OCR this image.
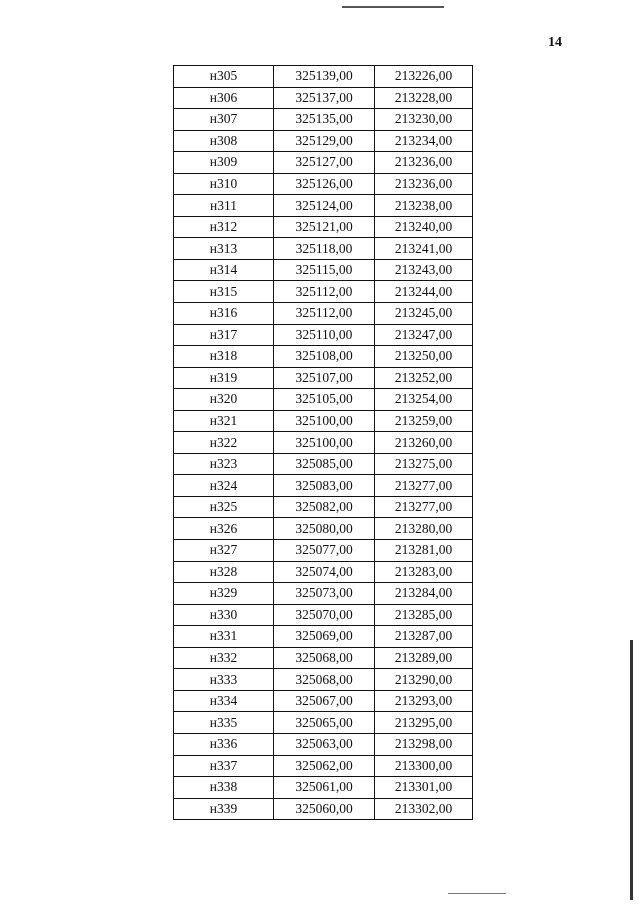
14
н305	325139,00	213226,00
н306	325137,00	213228,00
н307	325135,00	213230,00
н308	325129,00	213234,00
н309	325127,00	213236,00
н310	325126,00	213236,00
н311	325124,00	213238,00
н312	325121,00	213240,00
н313	325118,00	213241,00
н314	325115,00	213243,00
н315	325112,00	213244,00
н316	325112,00	213245,00
н317	325110,00	213247,00
н318	325108,00	213250,00
н319	325107,00	213252,00
н320	325105,00	213254,00
н321	325100,00	213259,00
н322	325100,00	213260,00
н323	325085,00	213275,00
н324	325083,00	213277,00
н325	325082,00	213277,00
н326	325080,00	213280,00
н327	325077,00	213281,00
н328	325074,00	213283,00
н329	325073,00	213284,00
н330	325070,00	213285,00
н331	325069,00	213287,00
н332	325068,00	213289,00
н333	325068,00	213290,00
н334	325067,00	213293,00
н335	325065,00	213295,00
н336	325063,00	213298,00
н337	325062,00	213300,00
н338	325061,00	213301,00
н339	325060,00	213302,00
